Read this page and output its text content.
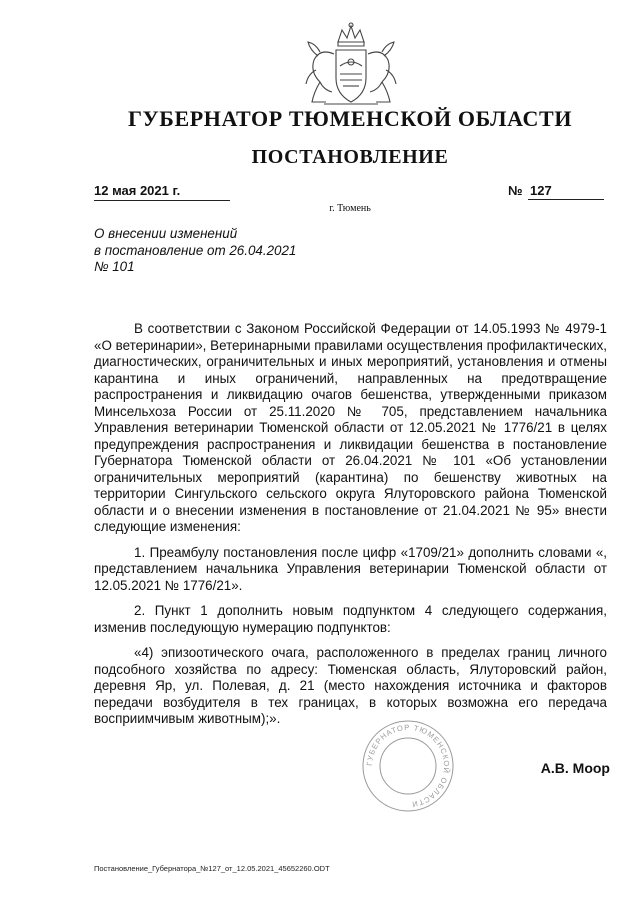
ГУБЕРНАТОР ТЮМЕНСКОЙ ОБЛАСТИ
ПОСТАНОВЛЕНИЕ
12 мая 2021 г.	№ 127
г. Тюмень
О внесении изменений
в постановление от 26.04.2021
№ 101

В соответствии с Законом Российской Федерации от 14.05.1993 № 4979-1 «О ветеринарии», Ветеринарными правилами осуществления профилактических, диагностических, ограничительных и иных мероприятий, установления и отмены карантина и иных ограничений, направленных на предотвращение распространения и ликвидацию очагов бешенства, утвержденными приказом Минсельхоза России от 25.11.2020 № 705, представлением начальника Управления ветеринарии Тюменской области от 12.05.2021 № 1776/21 в целях предупреждения распространения и ликвидации бешенства в постановление Губернатора Тюменской области от 26.04.2021 № 101 «Об установлении ограничительных мероприятий (карантина) по бешенству животных на территории Сингульского сельского округа Ялуторовского района Тюменской области и о внесении изменения в постановление от 21.04.2021 № 95» внести следующие изменения:

1. Преамбулу постановления после цифр «1709/21» дополнить словами «, представлением начальника Управления ветеринарии Тюменской области от 12.05.2021 № 1776/21».

2. Пункт 1 дополнить новым подпунктом 4 следующего содержания, изменив последующую нумерацию подпунктов:

«4) эпизоотического очага, расположенного в пределах границ личного подсобного хозяйства по адресу: Тюменская область, Ялуторовский район, деревня Яр, ул. Полевая, д. 21 (место нахождения источника и факторов передачи возбудителя в тех границах, в которых возможна его передача восприимчивым животным);».

ГУБЕРНАТОР ТЮМЕНСКОЙ ОБЛАСТИ
А.В. Моор
Постановление_Губернатора_№127_от_12.05.2021_45652260.ODT
